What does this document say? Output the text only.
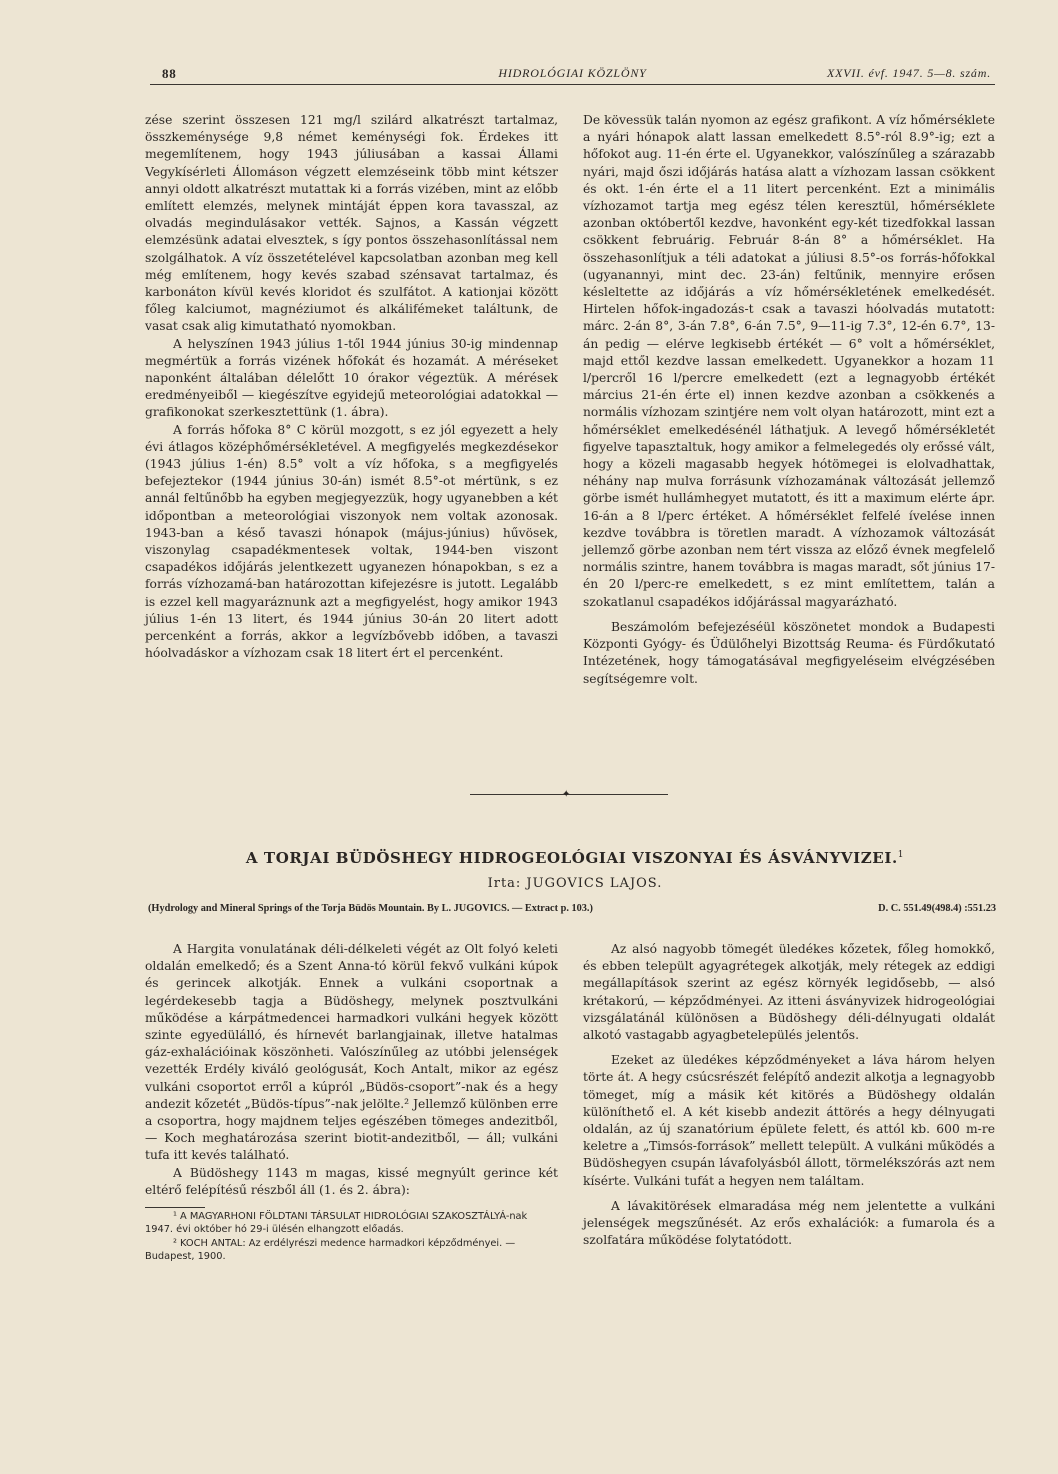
88	HIDROLÓGIAI KÖZLÖNY	XXVII. évf. 1947. 5—8. szám.

zése szerint összesen 121 mg/l szilárd alkatrészt tartalmaz, összkeménysége 9,8 német keménységi fok. Érdekes itt megemlítenem, hogy 1943 júliusában a kassai Állami Vegykísérleti Állomáson végzett elemzéseink több mint kétszer annyi oldott alkatrészt mutattak ki a forrás vizében, mint az előbb említett elemzés, melynek mintáját éppen kora tavasszal, az olvadás megindulásakor vették. Sajnos, a Kassán végzett elemzésünk adatai elvesztek, s így pontos összehasonlítással nem szolgálhatok. A víz összetételével kapcsolatban azonban meg kell még említenem, hogy kevés szabad szénsavat tartalmaz, és karbonáton kívül kevés kloridot és szulfátot. A kationjai között főleg kalciumot, magnéziumot és alkálifémeket találtunk, de vasat csak alig kimutatható nyomokban.

A helyszínen 1943 július 1-től 1944 június 30-ig mindennap megmértük a forrás vizének hőfokát és hozamát. A méréseket naponként általában délelőtt 10 órakor végeztük. A mérések eredményeiből — kiegészítve egyidejű meteorológiai adatokkal — grafikonokat szerkesztettünk (1. ábra).

A forrás hőfoka 8° C körül mozgott, s ez jól egyezett a hely évi átlagos középhőmérsékletével. A megfigyelés megkezdésekor (1943 július 1-én) 8.5° volt a víz hőfoka, s a megfigyelés befejeztekor (1944 június 30-án) ismét 8.5°-ot mértünk, s ez annál feltűnőbb ha egyben megjegyezzük, hogy ugyanebben a két időpontban a meteorológiai viszonyok nem voltak azonosak. 1943-ban a késő tavaszi hónapok (május-június) hűvösek, viszonylag csapadékmentesek voltak, 1944-ben viszont csapadékos időjárás jelentkezett ugyanezen hónapokban, s ez a forrás vízhozamá-ban határozottan kifejezésre is jutott. Legalább is ezzel kell magyaráznunk azt a megfigyelést, hogy amikor 1943 július 1-én 13 litert, és 1944 június 30-án 20 litert adott percenként a forrás, akkor a legvízbővebb időben, a tavaszi hóolvadáskor a vízhozam csak 18 litert ért el percenként.

De kövessük talán nyomon az egész grafikont. A víz hőmérséklete a nyári hónapok alatt lassan emelkedett 8.5°-ról 8.9°-ig; ezt a hőfokot aug. 11-én érte el. Ugyanekkor, valószínűleg a szárazabb nyári, majd őszi időjárás hatása alatt a vízhozam lassan csökkent és okt. 1-én érte el a 11 litert percenként. Ezt a minimális vízhozamot tartja meg egész télen keresztül, hőmérséklete azonban októbertől kezdve, havonként egy-két tizedfokkal lassan csökkent februárig. Február 8-án 8° a hőmérséklet. Ha összehasonlítjuk a téli adatokat a júliusi 8.5°-os forrás-hőfokkal (ugyanannyi, mint dec. 23-án) feltűnik, mennyire erősen késleltette az időjárás a víz hőmérsékletének emelkedését. Hirtelen hőfok-ingadozás-t csak a tavaszi hóolvadás mutatott: márc. 2-án 8°, 3-án 7.8°, 6-án 7.5°, 9—11-ig 7.3°, 12-én 6.7°, 13-án pedig — elérve legkisebb értékét — 6° volt a hőmérséklet, majd ettől kezdve lassan emelkedett. Ugyanekkor a hozam 11 l/percről 16 l/percre emelkedett (ezt a legnagyobb értékét március 21-én érte el) innen kezdve azonban a csökkenés a normális vízhozam szintjére nem volt olyan határozott, mint ezt a hőmérséklet emelkedésénél láthatjuk. A levegő hőmérsékletét figyelve tapasztaltuk, hogy amikor a felmelegedés oly erőssé vált, hogy a közeli magasabb hegyek hótömegei is elolvadhattak, néhány nap mulva forrásunk vízhozamának változását jellemző görbe ismét hullámhegyet mutatott, és itt a maximum elérte ápr. 16-án a 8 l/perc értéket. A hőmérséklet felfelé ívelése innen kezdve továbbra is töretlen maradt. A vízhozamok változását jellemző görbe azonban nem tért vissza az előző évnek megfelelő normális szintre, hanem továbbra is magas maradt, sőt június 17-én 20 l/perc-re emelkedett, s ez mint említettem, talán a szokatlanul csapadékos időjárással magyarázható.

Beszámolóm befejezéséül köszönetet mondok a Budapesti Központi Gyógy- és Üdülőhelyi Bizottság Reuma- és Fürdőkutató Intézetének, hogy támogatásával megfigyeléseim elvégzésében segítségemre volt.

✦
A TORJAI BÜDÖSHEGY HIDROGEOLÓGIAI VISZONYAI ÉS ÁSVÁNYVIZEI.$^1$
Irta: JUGOVICS LAJOS.
(Hydrology and Mineral Springs of the Torja Büdös Mountain. By L. JUGOVICS. — Extract p. 103.)	D. C. 551.49(498.4) :551.23

A Hargita vonulatának déli-délkeleti végét az Olt folyó keleti oldalán emelkedő; és a Szent Anna-tó körül fekvő vulkáni kúpok és gerincek alkotják. Ennek a vulkáni csoportnak a legérdekesebb tagja a Büdöshegy, melynek posztvulkáni működése a kárpátmedencei harmadkori vulkáni hegyek között szinte egyedülálló, és hírnevét barlangjainak, illetve hatalmas gáz-exhalációinak köszönheti. Valószínűleg az utóbbi jelenségek vezették Erdély kiváló geológusát, Koch Antalt, mikor az egész vulkáni csoportot erről a kúpról „Büdös-csoport”-nak és a hegy andezit kőzetét „Büdös-típus”-nak jelölte.² Jellemző különben erre a csoportra, hogy majdnem teljes egészében tömeges andezitből, — Koch meghatározása szerint biotit-andezitből, — áll; vulkáni tufa itt kevés található.

A Büdöshegy 1143 m magas, kissé megnyúlt gerince két eltérő felépítésű részből áll (1. és 2. ábra):

¹ A MAGYARHONI FÖLDTANI TÁRSULAT HIDROLÓGIAI SZAKOSZTÁLYÁ-nak 1947. évi október hó 29-i ülésén elhangzott előadás.

² KOCH ANTAL: Az erdélyrészi medence harmadkori képződményei. — Budapest, 1900.

Az alsó nagyobb tömegét üledékes kőzetek, főleg homokkő, és ebben települt agyagrétegek alkotják, mely rétegek az eddigi megállapítások szerint az egész környék legidősebb, — alsó krétakorú, — képződményei. Az itteni ásványvizek hidrogeológiai vizsgálatánál különösen a Büdöshegy déli-délnyugati oldalát alkotó vastagabb agyagbetelepülés jelentős.

Ezeket az üledékes képződményeket a láva három helyen törte át. A hegy csúcsrészét felépítő andezit alkotja a legnagyobb tömeget, míg a másik két kitörés a Büdöshegy oldalán különíthető el. A két kisebb andezit áttörés a hegy délnyugati oldalán, az új szanatórium épülete felett, és attól kb. 600 m-re keletre a „Timsós-források” mellett települt. A vulkáni működés a Büdöshegyen csupán lávafolyásból állott, törmelékszórás azt nem kísérte. Vulkáni tufát a hegyen nem találtam.

A lávakitörések elmaradása még nem jelentette a vulkáni jelenségek megszűnését. Az erős exhalációk: a fumarola és a szolfatára működése folytatódott.
